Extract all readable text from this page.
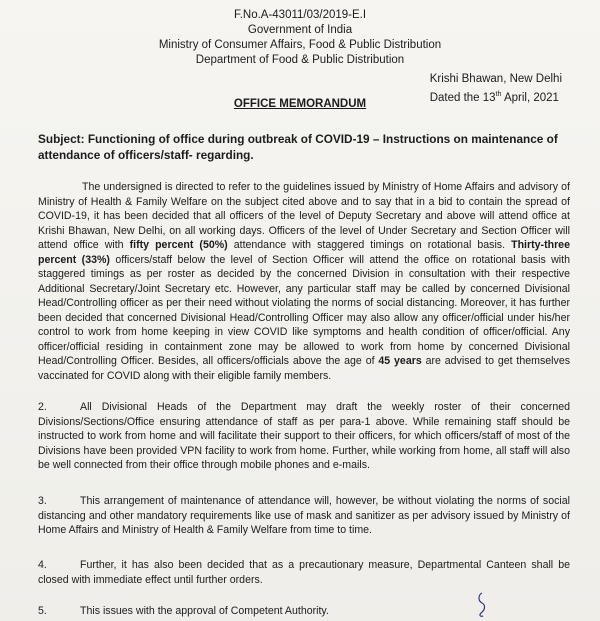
F.No.A-43011/03/2019-E.I
Government of India
Ministry of Consumer Affairs, Food & Public Distribution
Department of Food & Public Distribution
Krishi Bhawan, New Delhi
Dated the 13th April, 2021
OFFICE MEMORANDUM
Subject: Functioning of office during outbreak of COVID-19 – Instructions on maintenance of attendance of officers/staff- regarding.
The undersigned is directed to refer to the guidelines issued by Ministry of Home Affairs and advisory of Ministry of Health & Family Welfare on the subject cited above and to say that in a bid to contain the spread of COVID-19, it has been decided that all officers of the level of Deputy Secretary and above will attend office at Krishi Bhawan, New Delhi, on all working days. Officers of the level of Under Secretary and Section Officer will attend office with fifty percent (50%) attendance with staggered timings on rotational basis. Thirty-three percent (33%) officers/staff below the level of Section Officer will attend the office on rotational basis with staggered timings as per roster as decided by the concerned Division in consultation with their respective Additional Secretary/Joint Secretary etc. However, any particular staff may be called by concerned Divisional Head/Controlling officer as per their need without violating the norms of social distancing. Moreover, it has further been decided that concerned Divisional Head/Controlling Officer may also allow any officer/official under his/her control to work from home keeping in view COVID like symptoms and health condition of officer/official. Any officer/official residing in containment zone may be allowed to work from home by concerned Divisional Head/Controlling Officer. Besides, all officers/officials above the age of 45 years are advised to get themselves vaccinated for COVID along with their eligible family members.
2.	All Divisional Heads of the Department may draft the weekly roster of their concerned Divisions/Sections/Office ensuring attendance of staff as per para-1 above. While remaining staff should be instructed to work from home and will facilitate their support to their officers, for which officers/staff of most of the Divisions have been provided VPN facility to work from home. Further, while working from home, all staff will also be well connected from their office through mobile phones and e-mails.
3.	This arrangement of maintenance of attendance will, however, be without violating the norms of social distancing and other mandatory requirements like use of mask and sanitizer as per advisory issued by Ministry of Home Affairs and Ministry of Health & Family Welfare from time to time.
4.	Further, it has also been decided that as a precautionary measure, Departmental Canteen shall be closed with immediate effect until further orders.
5.	This issues with the approval of Competent Authority.
